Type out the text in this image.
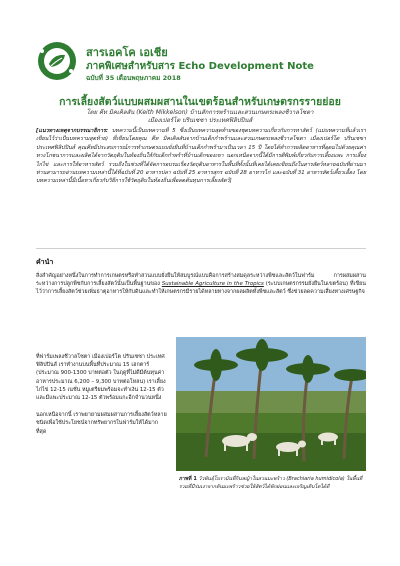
สารเอคโค เอเชีย
ภาคพิเศษสำหรับสาร Echo Development Note
ฉบับที่ 35 เดือนพฤษภาคม 2018
การเลี้ยงสัตว์แบบผสมผสานในเขตร้อนสำหรับเกษตรกรรายย่อย
โดย คีท มิคเคิลสัน (Keith Mikkelson) บ้านสักการพร้านและสวนเกษตรเพลงชีวาลโซตา
เมืองเปอร์โต ปรินเซซา ประเทศฟิลิปปินส์
[แนวทางเหตุจากบรรณาธิการ: บทความนี้เป็นบทความที่ 5 ซึ่งเป็นบทความสุดท้ายของชุดบทความเกี่ยวกับการหาสัตว์ (แม่บทความที่แล้วเราเขียนไว้ว่าเป็นบทความสุดท้าย) ที่เขียนโดยคุณ คีท มิคเคิลสันจากบ้านเด็กกำพร้านและสวนเกษตรเพลงชีวาลโซตา เมืองเปอร์โต ปรินเซซา ประเทศฟิลิปปินส์ คุณคีทมีประสบการณ์การทำเกษตรแบบยั่งยืนที่บ้านเด็กกำพร้ามาเป็นเวลา 15 ปี โดยได้ทำการผลิตอาหารที่อุดมไปด้วยคุณค่าทางโภชนาการและผลิตได้จากวัตถุดิบในท้องถิ่นให้กับเด็กกำพร้าที่บ้านเด็กของเขา นอกเหนือจากนี้ได้มีการตีพิมพ์เกี่ยวกับการเลี้ยงแพะ การเลี้ยงไก่ไข่ และการให้อาหารสัตว์ รวมถึงในช่วงที่ได้จัดการอบรมเรื่องวัตถุดิบอาหารในพื้นที่ทั้งนั้นที่เคยได้เคยเขียนถึงในสารสัตว์หลายฉบับที่ผ่านมา ท่านสามารถอ่านบทความเหล่านี้ได้ที่ฉบับที่ 20 อาหารปลา ฉบับที่ 25 อาหารสุกร ฉบับที่ 28 อาหารไก่ และฉบับที่ 31 อาหารสัตว์เคี้ยวเอื้อง โดยบทความเหล่านี้มีเนื้อหาเกี่ยวกับวิธีการใช้วัตถุดิบในท้องถิ่นเพื่อลดต้นทุนการเลี้ยงสัตว์]
คำนำ
สิ่งสำคัญอย่างหนึ่งในการทำการเกษตรหรือทำสวนแบบยั่งยืนให้สมบูรณ์แบบคือการสร้างสมดุลระหว่างพืชและสัตว์ในฟาร์ม การผสมผสานระหว่างการปลูกพืชกับการเลี้ยงสัตว์นั้นเป็นพื้นฐานของ Sustainable Agriculture in the Tropics (ระบบเกษตรกรรมยั่งยืนในเขตร้อน) ที่เขียนไว้ว่าการเลี้ยงสัตว์ช่วยเพิ่มธาตุอาหารให้กับดินและทำให้เกษตรกรมีรายได้หลายทางจากผลผลิตทั้งพืชและสัตว์ ซึ่งช่วยลดความเสี่ยงทางเศรษฐกิจ

ที่ฟาร์มเพลงชีวาลโซตา เมืองเปอร์โต ปรินเซซา ประเทศฟิลิปปินส์ เราทำงานบนพื้นที่ประมาณ 15 เฮกตาร์ (ประมาณ 900-1300 บาทต่อตัว ในฤดูที่ไม่ดีมีต้นทุนค่าอาหารประมาณ 6,200 – 9,300 บาทต่อโหลน) เราเลี้ยงไก่ไข่ 12-15 เนชั่น หมูเตรียมพร้อมจะทำเงิน 12-15 ตัวและมีแพะประมาณ 12-15 ตัวพร้อมแกะอีกจำนวนหนึ่ง

นอกเหนือจากนี้ เราพยายามผสมผสานการเลี้ยงสัตว์หลายชนิดเพื่อใช้ประโยชน์จากทรัพยากรในฟาร์มให้ได้มากที่สุด

ภาพที่ 1 วัวพันธุ์โบรามันที่กินหญ้าในสวนมะพร้าว (Brachiaria humidicola) ในพื้นที่รวมที่มีร่มเงาจากต้นมะพร้าวช่วยให้สัตว์ได้พักผ่อนและเจริญเติบโตได้ดี
